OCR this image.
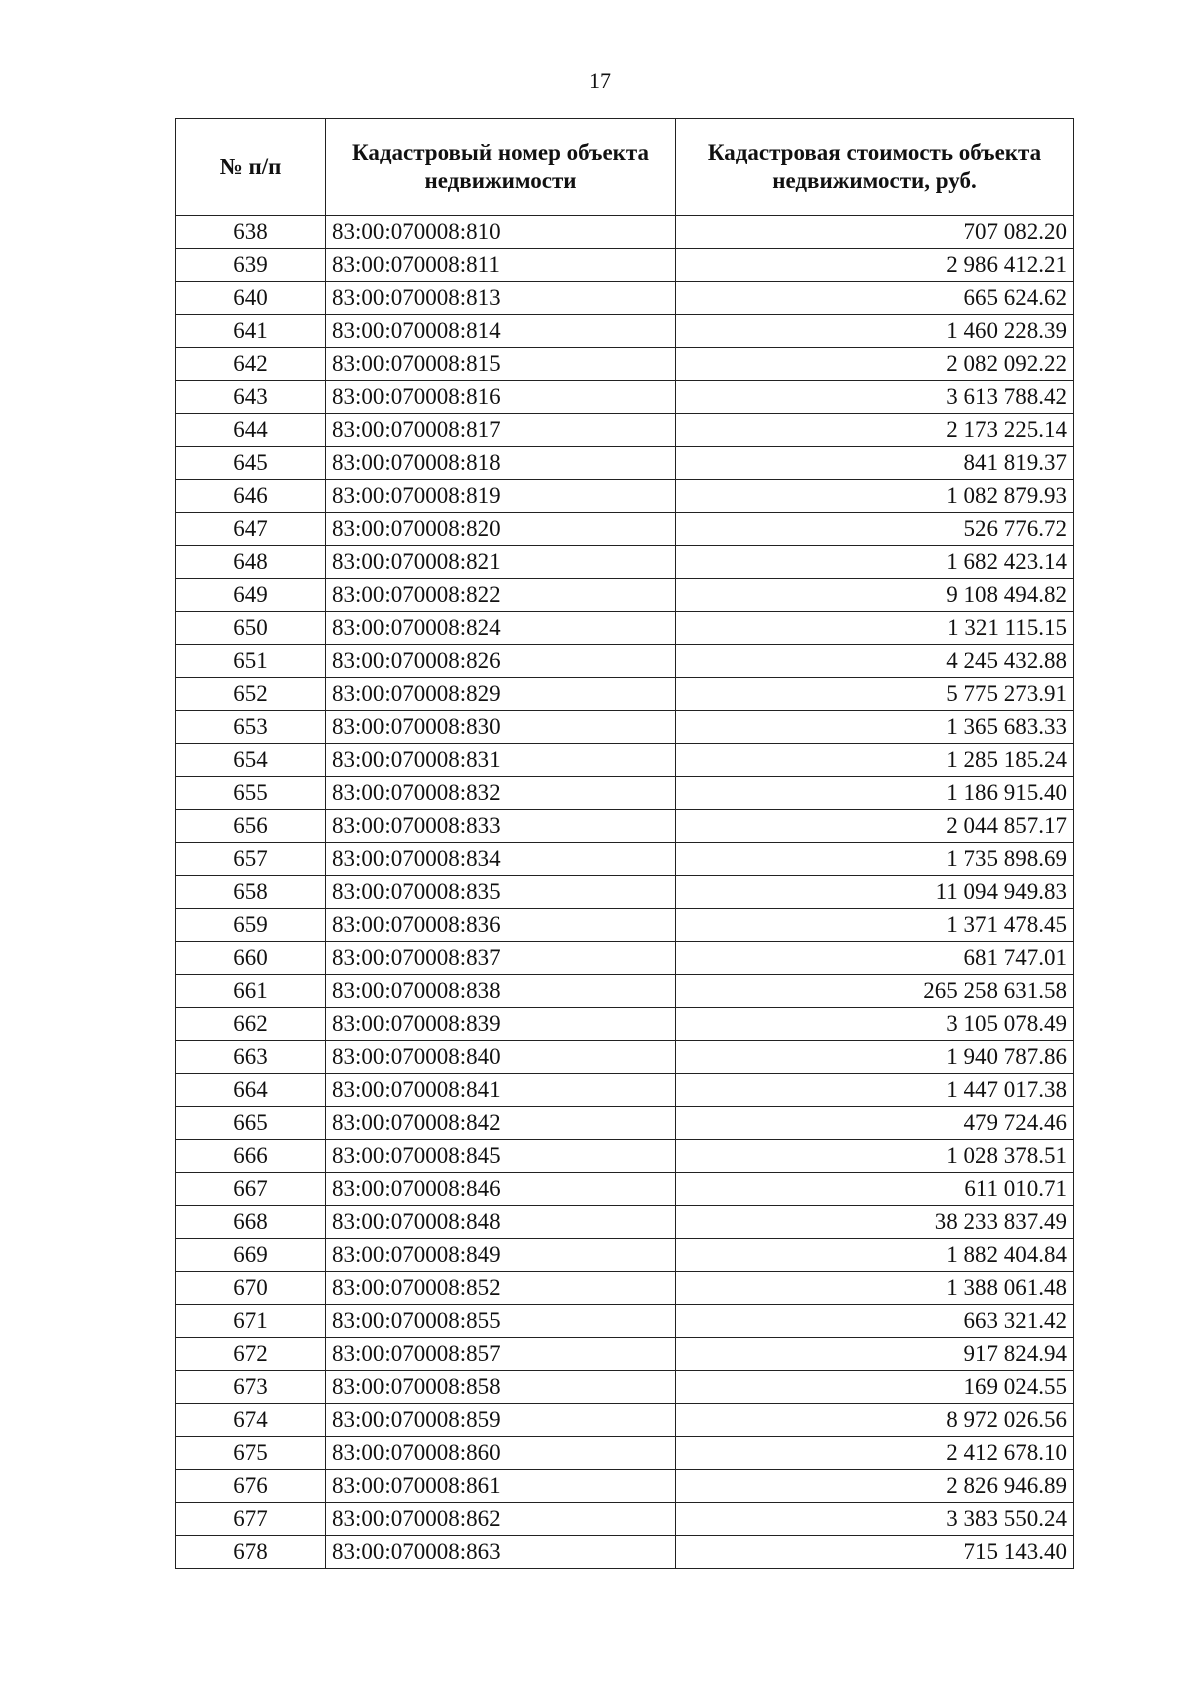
17
№ п/п	Кадастровый номер объекта недвижимости	Кадастровая стоимость объекта недвижимости, руб.
638	83:00:070008:810	707 082.20
639	83:00:070008:811	2 986 412.21
640	83:00:070008:813	665 624.62
641	83:00:070008:814	1 460 228.39
642	83:00:070008:815	2 082 092.22
643	83:00:070008:816	3 613 788.42
644	83:00:070008:817	2 173 225.14
645	83:00:070008:818	841 819.37
646	83:00:070008:819	1 082 879.93
647	83:00:070008:820	526 776.72
648	83:00:070008:821	1 682 423.14
649	83:00:070008:822	9 108 494.82
650	83:00:070008:824	1 321 115.15
651	83:00:070008:826	4 245 432.88
652	83:00:070008:829	5 775 273.91
653	83:00:070008:830	1 365 683.33
654	83:00:070008:831	1 285 185.24
655	83:00:070008:832	1 186 915.40
656	83:00:070008:833	2 044 857.17
657	83:00:070008:834	1 735 898.69
658	83:00:070008:835	11 094 949.83
659	83:00:070008:836	1 371 478.45
660	83:00:070008:837	681 747.01
661	83:00:070008:838	265 258 631.58
662	83:00:070008:839	3 105 078.49
663	83:00:070008:840	1 940 787.86
664	83:00:070008:841	1 447 017.38
665	83:00:070008:842	479 724.46
666	83:00:070008:845	1 028 378.51
667	83:00:070008:846	611 010.71
668	83:00:070008:848	38 233 837.49
669	83:00:070008:849	1 882 404.84
670	83:00:070008:852	1 388 061.48
671	83:00:070008:855	663 321.42
672	83:00:070008:857	917 824.94
673	83:00:070008:858	169 024.55
674	83:00:070008:859	8 972 026.56
675	83:00:070008:860	2 412 678.10
676	83:00:070008:861	2 826 946.89
677	83:00:070008:862	3 383 550.24
678	83:00:070008:863	715 143.40
